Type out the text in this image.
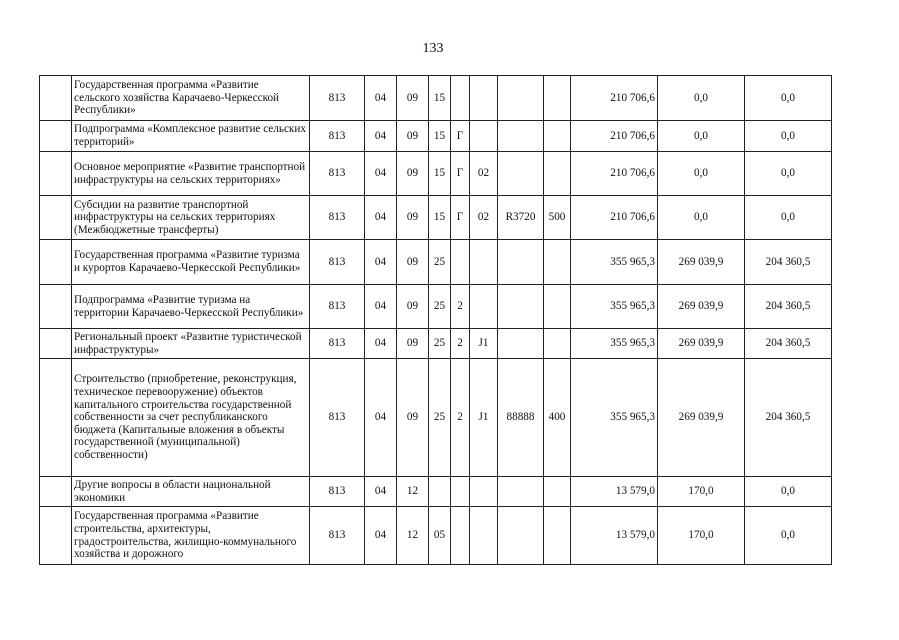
133
	Государственная программа «Развитие сельского хозяйства Карачаево-Черкесской Республики»	813	04	09	15					210 706,6	0,0	0,0
	Подпрограмма «Комплексное развитие сельских территорий»	813	04	09	15	Г				210 706,6	0,0	0,0
	Основное мероприятие «Развитие транспортной инфраструктуры на сельских территориях»	813	04	09	15	Г	02			210 706,6	0,0	0,0
	Субсидии на развитие транспортной инфраструктуры на сельских территориях (Межбюджетные трансферты)	813	04	09	15	Г	02	R3720	500	210 706,6	0,0	0,0
	Государственная программа «Развитие туризма и курортов Карачаево-Черкесской Республики»	813	04	09	25					355 965,3	269 039,9	204 360,5
	Подпрограмма «Развитие туризма на территории Карачаево-Черкесской Республики»	813	04	09	25	2				355 965,3	269 039,9	204 360,5
	Региональный проект «Развитие туристической инфраструктуры»	813	04	09	25	2	J1			355 965,3	269 039,9	204 360,5
	Строительство (приобретение, реконструкция, техническое перевооружение) объектов капитального строительства государственной собственности за счет республиканского бюджета (Капитальные вложения в объекты государственной (муниципальной) собственности)	813	04	09	25	2	J1	88888	400	355 965,3	269 039,9	204 360,5
	Другие вопросы в области национальной экономики	813	04	12						13 579,0	170,0	0,0
	Государственная программа «Развитие строительства, архитектуры, градостроительства, жилищно-коммунального хозяйства и дорожного	813	04	12	05					13 579,0	170,0	0,0
